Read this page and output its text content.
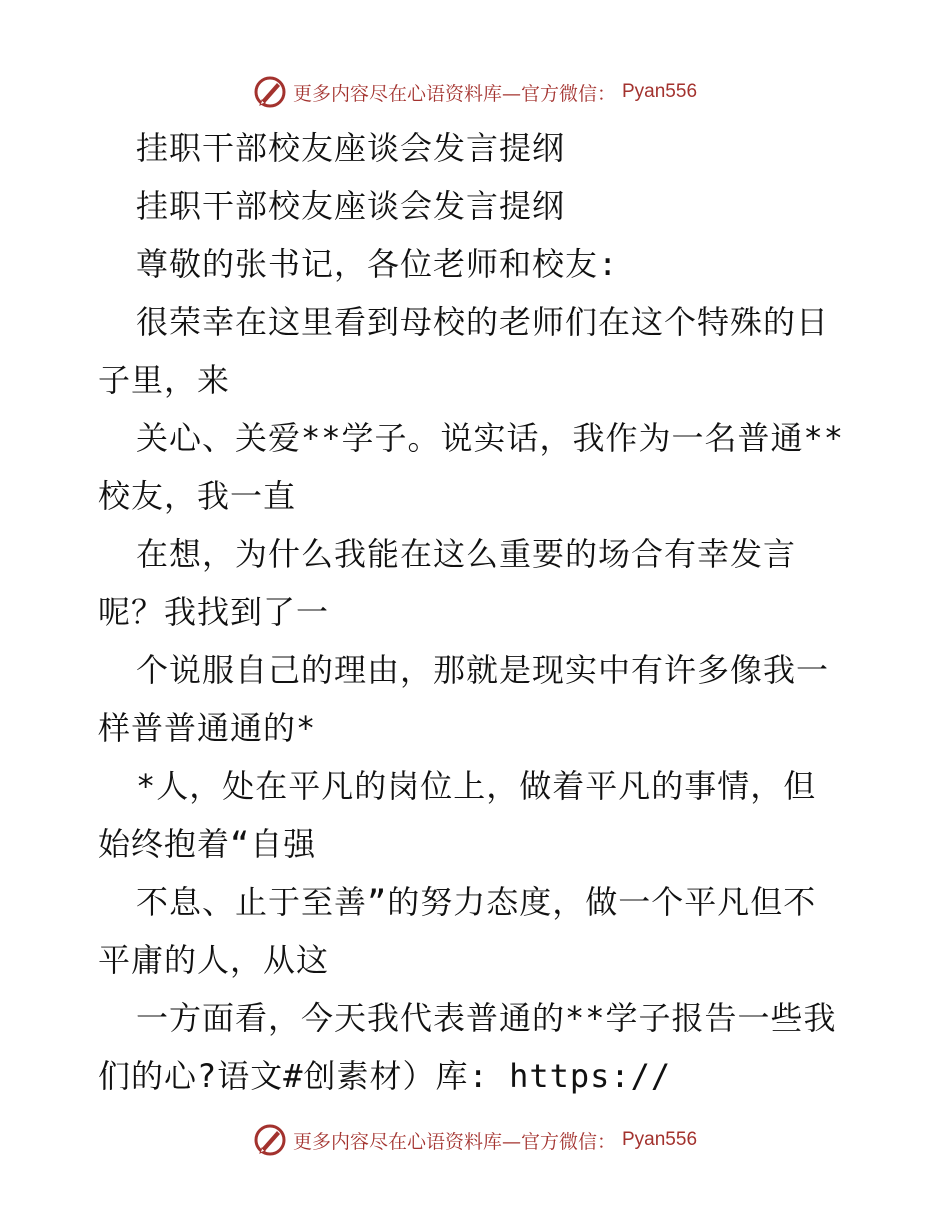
更多内容尽在心语资料库—官方微信： Pyan556
挂职干部校友座谈会发言提纲
挂职干部校友座谈会发言提纲
尊敬的张书记，各位老师和校友:
很荣幸在这里看到母校的老师们在这个特殊的日
子里，来
关心、关爱**学子。说实话，我作为一名普通**
校友，我一直
在想，为什么我能在这么重要的场合有幸发言
呢？我找到了一
个说服自己的理由，那就是现实中有许多像我一
样普普通通的*
*人，处在平凡的岗位上，做着平凡的事情，但
始终抱着“自强
不息、止于至善”的努力态度，做一个平凡但不
平庸的人，从这
一方面看，今天我代表普通的**学子报告一些我
们的心?语文#创素材）库: https://
更多内容尽在心语资料库—官方微信： Pyan556
